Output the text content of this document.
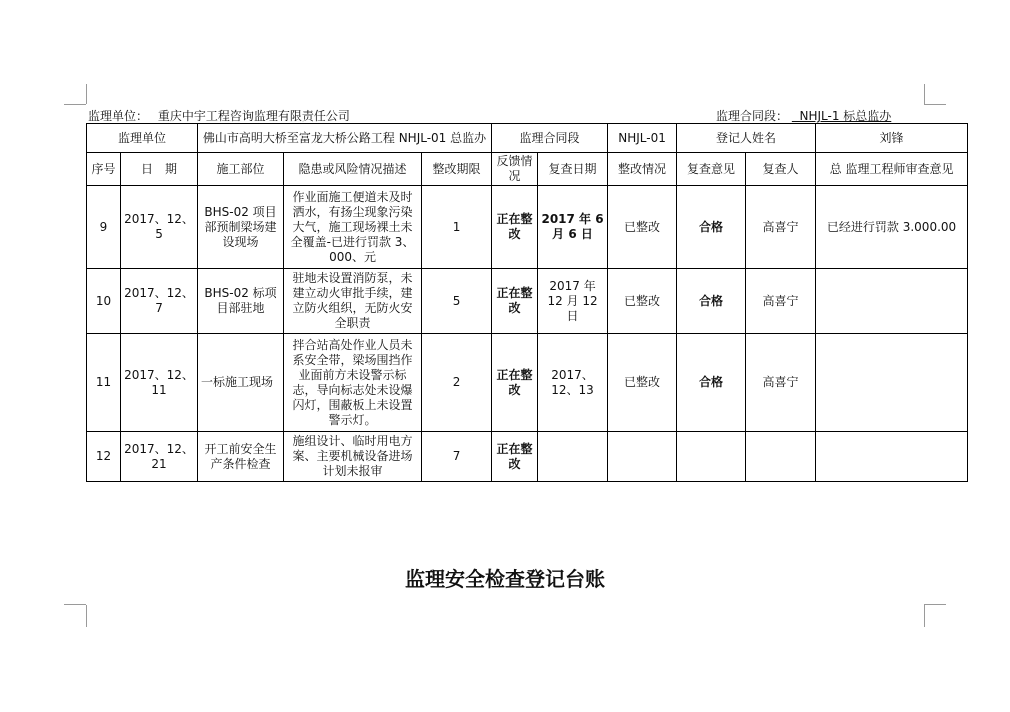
监理单位： 重庆中宇工程咨询监理有限责任公司	监理合同段： NHJL-1 标总监办
监理单位		佛山市高明大桥至富龙大桥公路工程 NHJL-01 总监办			监理合同段		NHJL-01	登记人姓名		刘锋
序号	日　期	施工部位	隐患或风险情况描述	整改期限	反馈情况	复查日期	整改情况	复查意见	复查人	总 监理工程师审查意见
9	2017、12、5	BHS-02 项目部预制梁场建设现场	作业面施工便道未及时洒水，有扬尘现象污染大气，施工现场裸土未全覆盖-已进行罚款 3、000、元	1	正在整改	2017 年 6 月 6 日	已整改	合格	高喜宁	已经进行罚款 3.000.00
10	2017、12、7	BHS-02 标项目部驻地	驻地未设置消防泵，未建立动火审批手续，建立防火组织，无防火安全职责	5	正在整改	2017 年 12 月 12 日	已整改	合格	高喜宁	
11	2017、12、11	一标施工现场	拌合站高处作业人员未系安全带，梁场围挡作业面前方未设警示标志，导向标志处未设爆闪灯，围蔽板上未设置警示灯。	2	正在整改	2017、12、13	已整改	合格	高喜宁	
12	2017、12、21	开工前安全生产条件检查	施组设计、临时用电方案、主要机械设备进场计划未报审	7	正在整改					
监理安全检查登记台账
